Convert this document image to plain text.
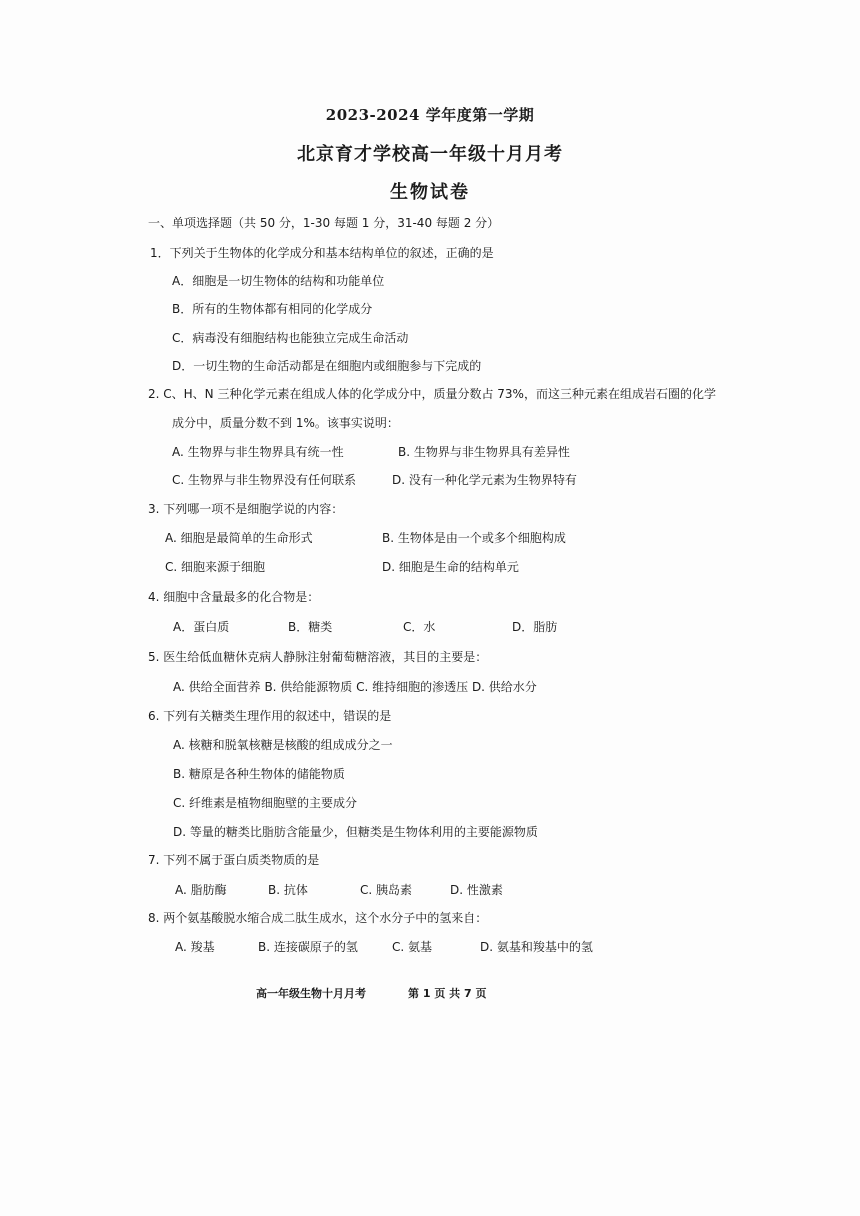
2023-2024 学年度第一学期
北京育才学校高一年级十月月考
生物试卷
一、单项选择题（共 50 分，1-30 每题 1 分，31-40 每题 2 分）
1．下列关于生物体的化学成分和基本结构单位的叙述，正确的是
A．细胞是一切生物体的结构和功能单位
B．所有的生物体都有相同的化学成分
C．病毒没有细胞结构也能独立完成生命活动
D．一切生物的生命活动都是在细胞内或细胞参与下完成的
2. C、H、N 三种化学元素在组成人体的化学成分中，质量分数占 73%，而这三种元素在组成岩石圈的化学
成分中，质量分数不到 1%。该事实说明：
A. 生物界与非生物界具有统一性	B. 生物界与非生物界具有差异性
C. 生物界与非生物界没有任何联系	D. 没有一种化学元素为生物界特有
3. 下列哪一项不是细胞学说的内容：
A. 细胞是最简单的生命形式	B. 生物体是由一个或多个细胞构成
C. 细胞来源于细胞	D. 细胞是生命的结构单元
4. 细胞中含量最多的化合物是：
A．蛋白质	B．糖类	C．水	D．脂肪
5. 医生给低血糖休克病人静脉注射葡萄糖溶液，其目的主要是：
A. 供给全面营养 B. 供给能源物质 C. 维持细胞的渗透压 D. 供给水分
6. 下列有关糖类生理作用的叙述中，错误的是
A. 核糖和脱氧核糖是核酸的组成成分之一
B. 糖原是各种生物体的储能物质
C. 纤维素是植物细胞壁的主要成分
D. 等量的糖类比脂肪含能量少，但糖类是生物体利用的主要能源物质
7. 下列不属于蛋白质类物质的是
A. 脂肪酶	B. 抗体	C. 胰岛素	D. 性激素
8. 两个氨基酸脱水缩合成二肽生成水，这个水分子中的氢来自：
A. 羧基	B. 连接碳原子的氢	C. 氨基	D. 氨基和羧基中的氢
高一年级生物十月月考	第 1 页 共 7 页
